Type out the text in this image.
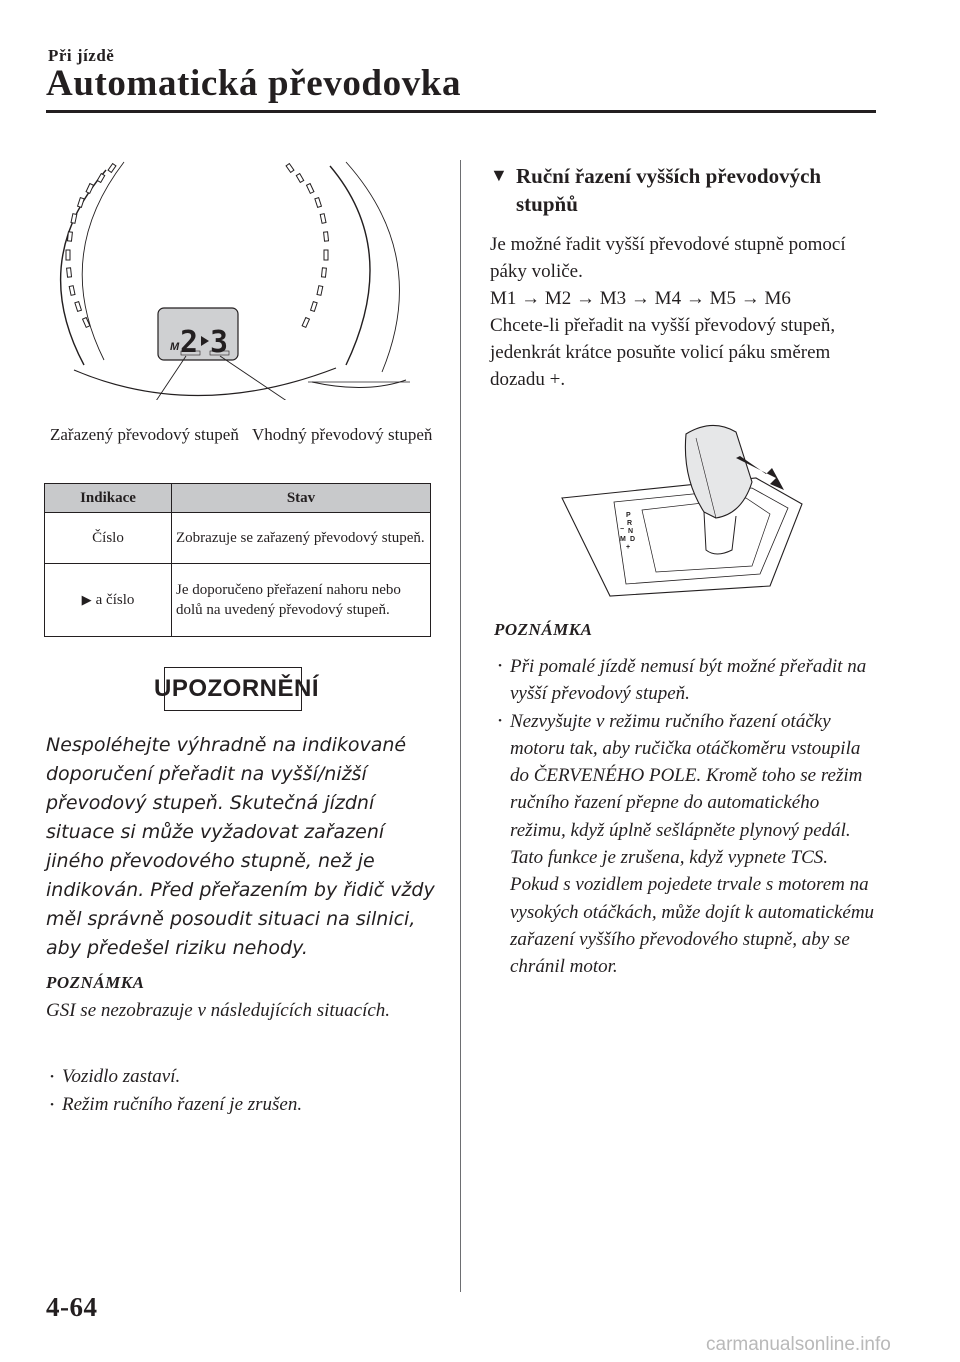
Při jízdě
Automatická převodovka
M 2 3
Zařazený převodový stupeň Vhodný převodový stupeň
Indikace	Stav
Číslo	Zobrazuje se zařazený převodový stupeň.
▶ a číslo	Je doporučeno přeřazení nahoru nebo dolů na uvedený převodový stupeň.
UPOZORNĚNÍ
Nespoléhejte výhradně na indikované doporučení přeřadit na vyšší/nižší převodový stupeň. Skutečná jízdní situace si může vyžadovat zařazení jiného převodového stupně, než je indikován. Před přeřazením by řidič vždy měl správně posoudit situaci na silnici, aby předešel riziku nehody.
POZNÁMKA
GSI se nezobrazuje v následujících situacích.
• Vozidlo zastaví.
• Režim ručního řazení je zrušen.
▼ Ruční řazení vyšších převodových stupňů
Je možné řadit vyšší převodové stupně pomocí páky voliče.
M1 → M2 → M3 → M4 → M5 → M6
Chcete-li přeřadit na vyšší převodový stupeň, jedenkrát krátce posuňte volicí páku směrem dozadu +.
P
R
N
D
M
+
−
POZNÁMKA
• Při pomalé jízdě nemusí být možné přeřadit na vyšší převodový stupeň.
• Nezvyšujte v režimu ručního řazení otáčky motoru tak, aby ručička otáčkoměru vstoupila do ČERVENÉHO POLE. Kromě toho se režim ručního řazení přepne do automatického režimu, když úplně sešlápněte plynový pedál. Tato funkce je zrušena, když vypnete TCS. Pokud s vozidlem pojedete trvale s motorem na vysokých otáčkách, může dojít k automatickému zařazení vyššího převodového stupně, aby se chránil motor.
4-64
carmanualsonline.info
